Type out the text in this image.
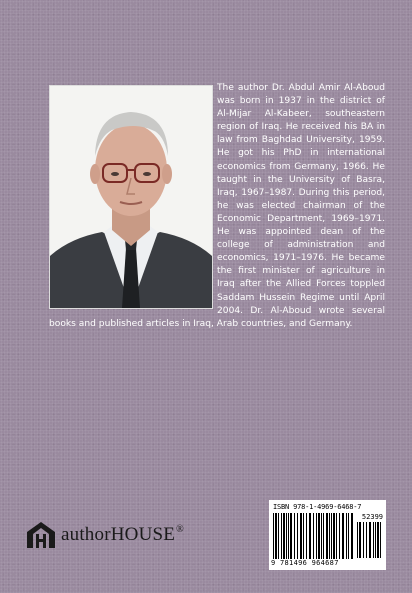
The author Dr. Abdul Amir Al-Aboud was born in 1937 in the district of Al-Mijar Al-Kabeer, southeastern region of Iraq. He received his BA in law from Baghdad University, 1959. He got his PhD in international economics from Germany, 1966. He taught in the University of Basra, Iraq, 1967–1987. During this period, he was elected chairman of the Economic Department, 1969–1971. He was appointed dean of the college of administration and economics, 1971–1976. He became the first minister of agriculture in Iraq after the Allied Forces toppled Saddam Hussein Regime until April 2004. Dr. Al-Aboud wrote several books and published articles in Iraq, Arab countries, and Germany.

authorHOUSE®
ISBN 978-1-4969-6468-7
52399
9 781496 964687
